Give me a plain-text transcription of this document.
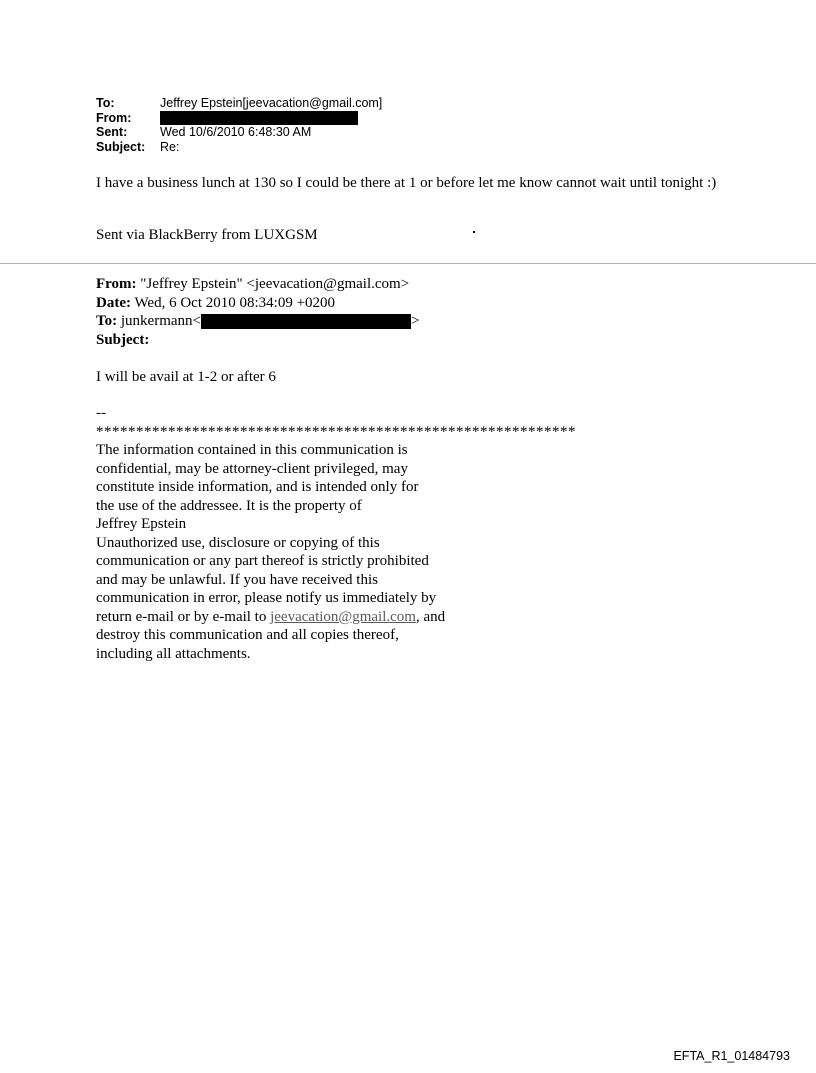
To:	Jeffrey Epstein[jeevacation@gmail.com]
From:
Sent:	Wed 10/6/2010 6:48:30 AM
Subject:	Re:
I have a business lunch at 130 so I could be there at 1 or before let me know cannot wait until tonight :)
Sent via BlackBerry from LUXGSM
From: "Jeffrey Epstein" <jeevacation@gmail.com>
Date: Wed, 6 Oct 2010 08:34:09 +0200
To: junkermann<	>
Subject:
I will be avail at 1-2 or after 6
--
************************************************************
The information contained in this communication is
confidential, may be attorney-client privileged, may
constitute inside information, and is intended only for
the use of the addressee. It is the property of
Jeffrey Epstein
Unauthorized use, disclosure or copying of this
communication or any part thereof is strictly prohibited
and may be unlawful. If you have received this
communication in error, please notify us immediately by
return e-mail or by e-mail to jeevacation@gmail.com, and
destroy this communication and all copies thereof,
including all attachments.
EFTA_R1_01484793
